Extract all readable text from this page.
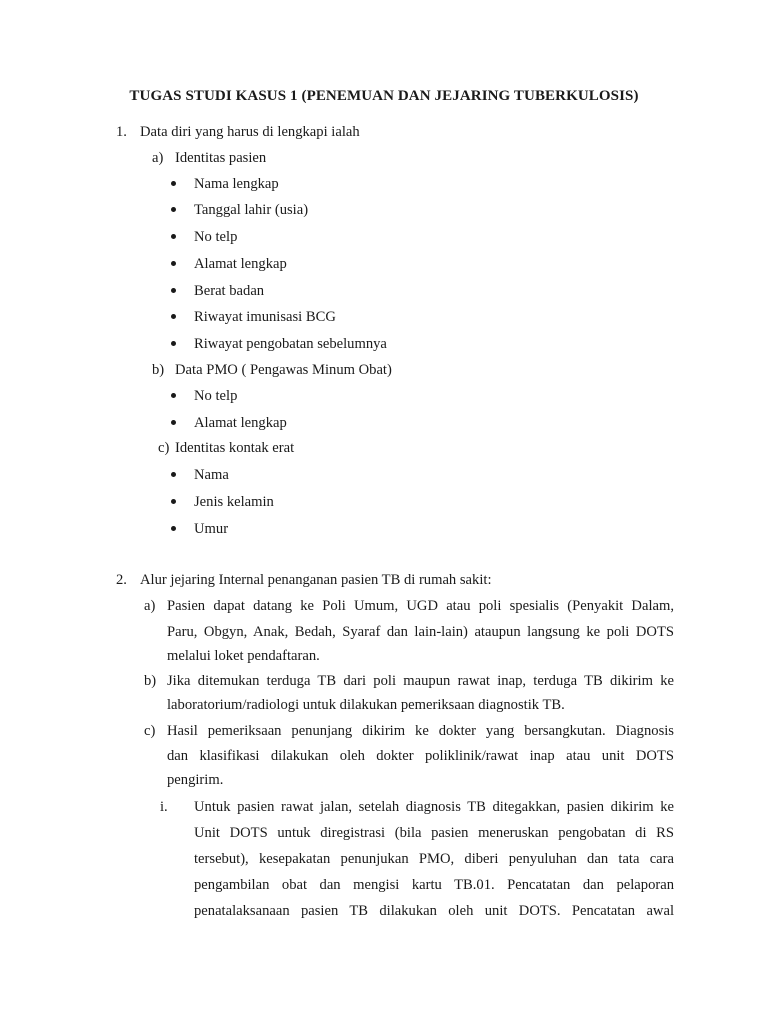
TUGAS STUDI KASUS 1 (PENEMUAN DAN JEJARING TUBERKULOSIS)
1. Data diri yang harus di lengkapi ialah
a) Identitas pasien
Nama lengkap
Tanggal lahir (usia)
No telp
Alamat lengkap
Berat badan
Riwayat imunisasi BCG
Riwayat pengobatan sebelumnya
b) Data PMO ( Pengawas Minum Obat)
No telp
Alamat lengkap
c) Identitas kontak erat
Nama
Jenis kelamin
Umur
2. Alur jejaring Internal penanganan pasien TB di rumah sakit:
a) Pasien dapat datang ke Poli Umum, UGD atau poli spesialis (Penyakit Dalam,
Paru, Obgyn, Anak, Bedah, Syaraf dan lain-lain) ataupun langsung ke poli DOTS
melalui loket pendaftaran.
b) Jika ditemukan terduga TB dari poli maupun rawat inap, terduga TB dikirim ke
laboratorium/radiologi untuk dilakukan pemeriksaan diagnostik TB.
c) Hasil pemeriksaan penunjang dikirim ke dokter yang bersangkutan. Diagnosis
dan klasifikasi dilakukan oleh dokter poliklinik/rawat inap atau unit DOTS
pengirim.
i. Untuk pasien rawat jalan, setelah diagnosis TB ditegakkan, pasien dikirim ke
Unit DOTS untuk diregistrasi (bila pasien meneruskan pengobatan di RS
tersebut), kesepakatan penunjukan PMO, diberi penyuluhan dan tata cara
pengambilan obat dan mengisi kartu TB.01. Pencatatan dan pelaporan
penatalaksanaan pasien TB dilakukan oleh unit DOTS. Pencatatan awal
